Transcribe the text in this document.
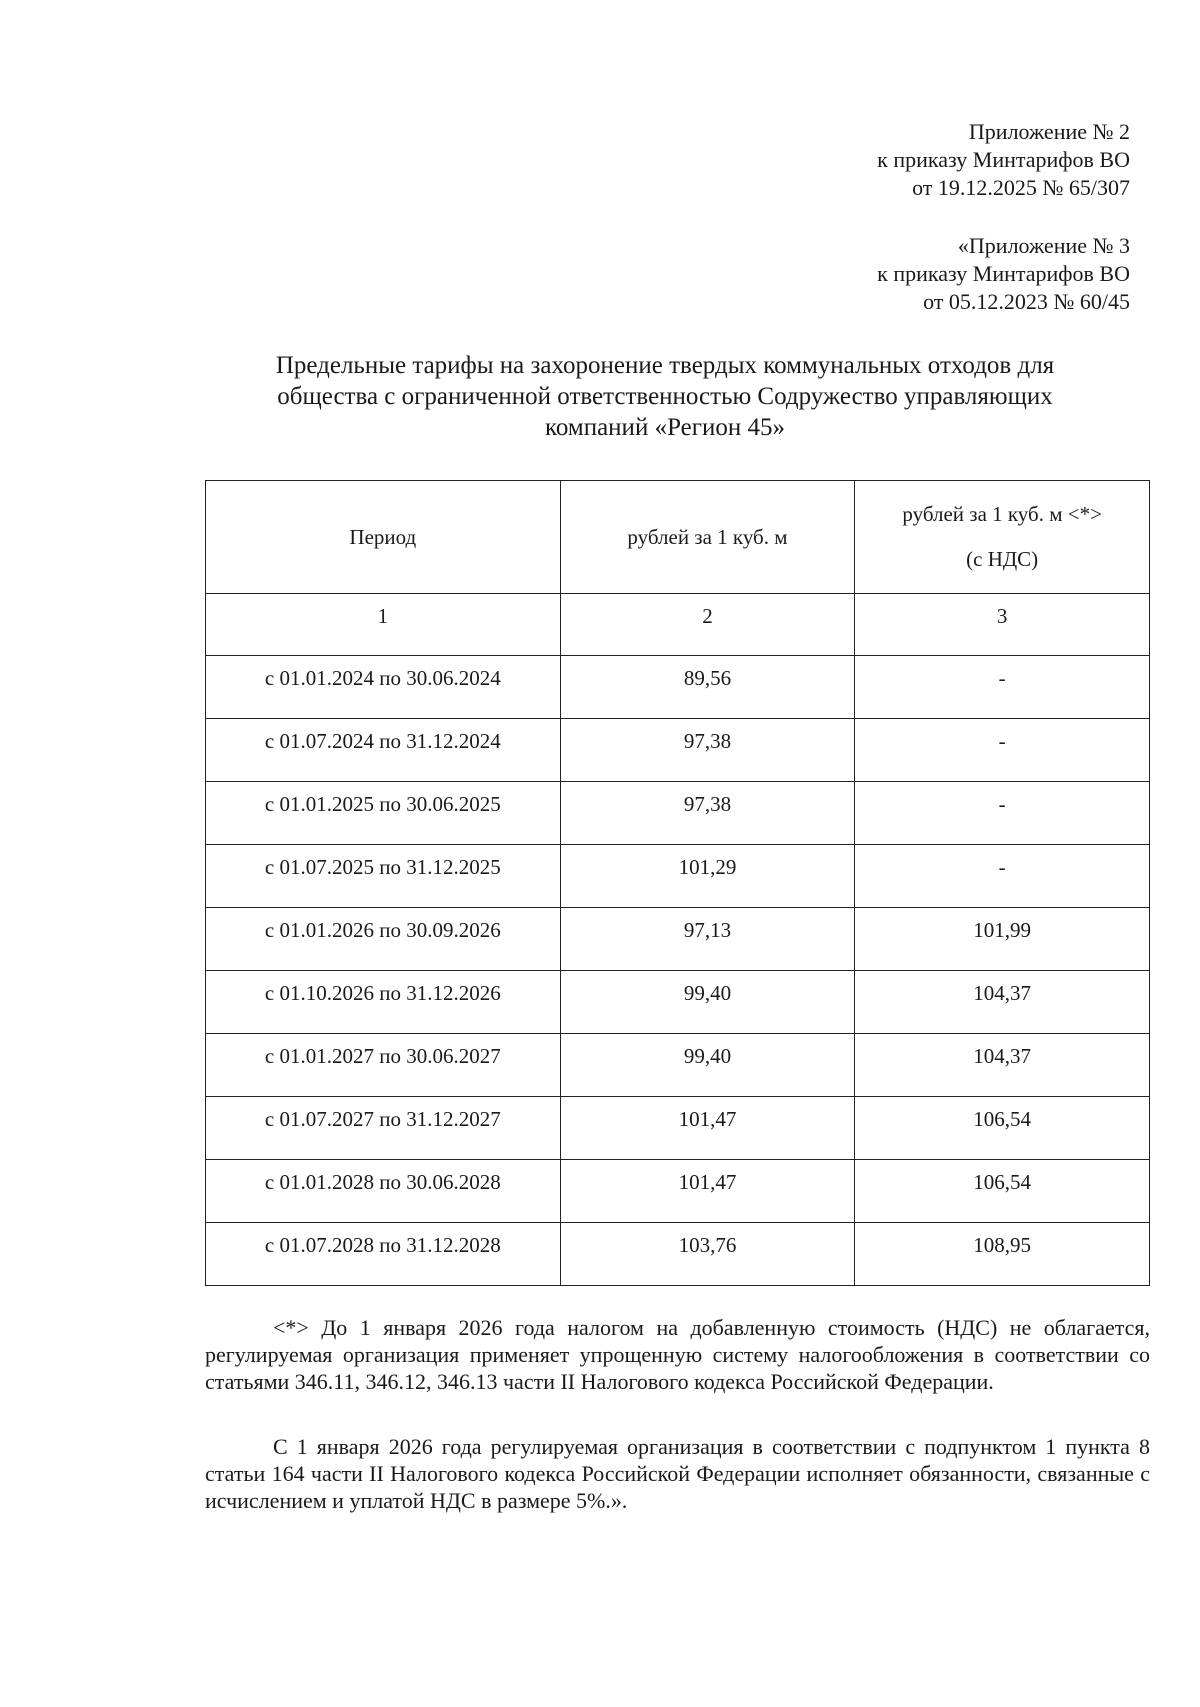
Приложение № 2
к приказу Минтарифов ВО
от 19.12.2025 № 65/307
«Приложение № 3
к приказу Минтарифов ВО
от 05.12.2023 № 60/45
Предельные тарифы на захоронение твердых коммунальных отходов для
общества с ограниченной ответственностью Содружество управляющих
компаний «Регион 45»
Период	рублей за 1 куб. м	рублей за 1 куб. м <*>
(с НДС)
1	2	3
с 01.01.2024 по 30.06.2024	89,56	-
с 01.07.2024 по 31.12.2024	97,38	-
с 01.01.2025 по 30.06.2025	97,38	-
с 01.07.2025 по 31.12.2025	101,29	-
с 01.01.2026 по 30.09.2026	97,13	101,99
с 01.10.2026 по 31.12.2026	99,40	104,37
с 01.01.2027 по 30.06.2027	99,40	104,37
с 01.07.2027 по 31.12.2027	101,47	106,54
с 01.01.2028 по 30.06.2028	101,47	106,54
с 01.07.2028 по 31.12.2028	103,76	108,95
<*> До 1 января 2026 года налогом на добавленную стоимость (НДС) не облагается, регулируемая организация применяет упрощенную систему налогообложения в соответствии со статьями 346.11, 346.12, 346.13 части II Налогового кодекса Российской Федерации.
С 1 января 2026 года регулируемая организация в соответствии с подпунктом 1 пункта 8 статьи 164 части II Налогового кодекса Российской Федерации исполняет обязанности, связанные с исчислением и уплатой НДС в размере 5%.».
